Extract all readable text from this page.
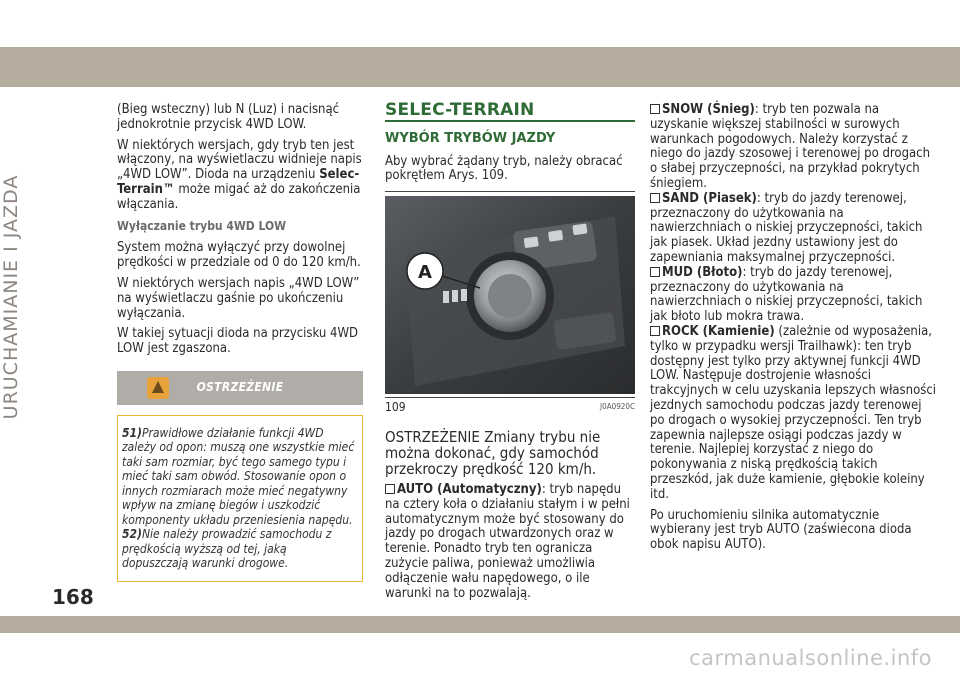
URUCHAMIANIE I JAZDA

(Bieg wsteczny) lub N (Luz) i nacisnąć jednokrotnie przycisk 4WD LOW.

W niektórych wersjach, gdy tryb ten jest włączony, na wyświetlaczu widnieje napis „4WD LOW”. Dioda na urządzeniu Selec-Terrain™ może migać aż do zakończenia włączania.

Wyłączanie trybu 4WD LOW

System można wyłączyć przy dowolnej prędkości w przedziale od 0 do 120 km/h.

W niektórych wersjach napis „4WD LOW” na wyświetlaczu gaśnie po ukończeniu wyłączania.

W takiej sytuacji dioda na przycisku 4WD LOW jest zgaszona.

OSTRZEŻENIE

51)Prawidłowe działanie funkcji 4WD zależy od opon: muszą one wszystkie mieć taki sam rozmiar, być tego samego typu i mieć taki sam obwód. Stosowanie opon o innych rozmiarach może mieć negatywny wpływ na zmianę biegów i uszkodzić komponenty układu przeniesienia napędu.

52)Nie należy prowadzić samochodu z prędkością wyższą od tej, jaką dopuszczają warunki drogowe.

SELEC-TERRAIN
WYBÓR TRYBÓW JAZDY

Aby wybrać żądany tryb, należy obracać pokrętłem Arys. 109.

A
109	J0A0920C

OSTRZEŻENIE Zmiany trybu nie można dokonać, gdy samochód przekroczy prędkość 120 km/h.

AUTO (Automatyczny): tryb napędu na cztery koła o działaniu stałym i w pełni automatycznym może być stosowany do jazdy po drogach utwardzonych oraz w terenie. Ponadto tryb ten ogranicza zużycie paliwa, ponieważ umożliwia odłączenie wału napędowego, o ile warunki na to pozwalają.

SNOW (Śnieg): tryb ten pozwala na uzyskanie większej stabilności w surowych warunkach pogodowych. Należy korzystać z niego do jazdy szosowej i terenowej po drogach o słabej przyczepności, na przykład pokrytych śniegiem.

SAND (Piasek): tryb do jazdy terenowej, przeznaczony do użytkowania na nawierzchniach o niskiej przyczepności, takich jak piasek. Układ jezdny ustawiony jest do zapewniania maksymalnej przyczepności.

MUD (Błoto): tryb do jazdy terenowej, przeznaczony do użytkowania na nawierzchniach o niskiej przyczepności, takich jak błoto lub mokra trawa.

ROCK (Kamienie) (zależnie od wyposażenia, tylko w przypadku wersji Trailhawk): ten tryb dostępny jest tylko przy aktywnej funkcji 4WD LOW. Następuje dostrojenie własności trakcyjnych w celu uzyskania lepszych własności jezdnych samochodu podczas jazdy terenowej po drogach o wysokiej przyczepności. Ten tryb zapewnia najlepsze osiągi podczas jazdy w terenie. Najlepiej korzystać z niego do pokonywania z niską prędkością takich przeszkód, jak duże kamienie, głębokie koleiny itd.

Po uruchomieniu silnika automatycznie wybierany jest tryb AUTO (zaświecona dioda obok napisu AUTO).

168
carmanualsonline.info
